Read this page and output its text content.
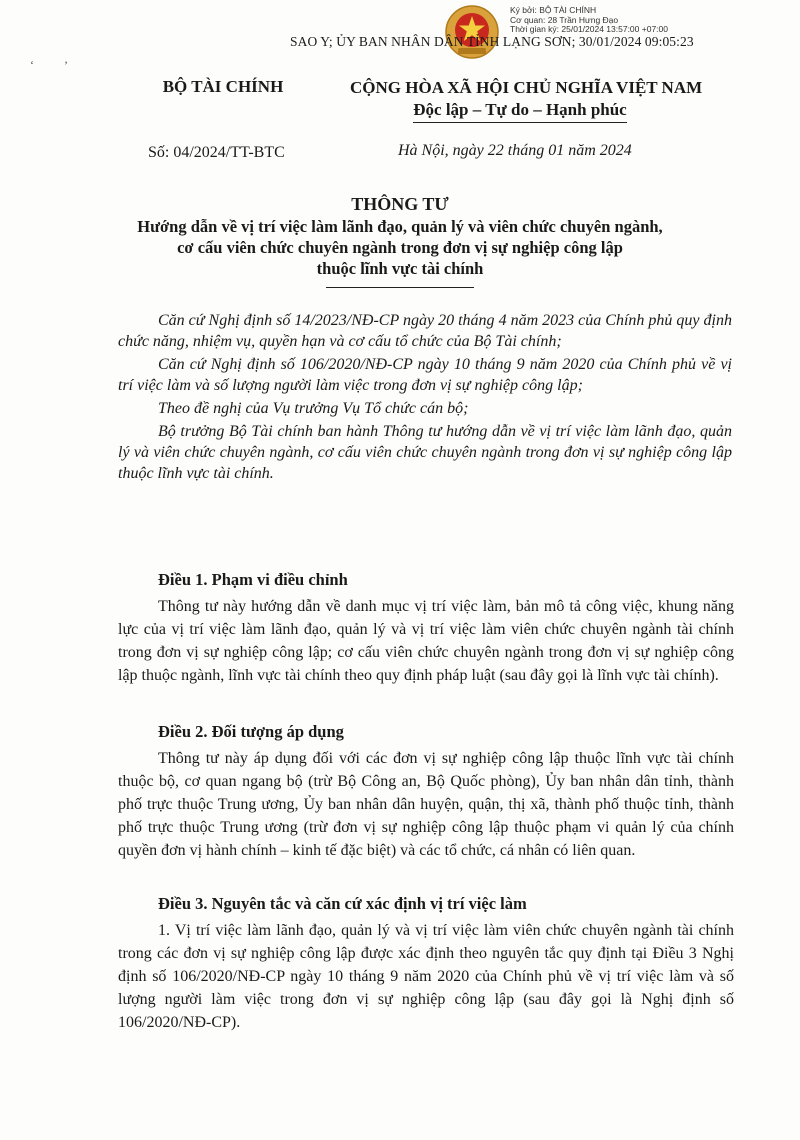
Ký bởi: BỘ TÀI CHÍNH
Cơ quan: 28 Trần Hưng Đạo
Thời gian ký: 25/01/2024 13:57:00 +07:00
SAO Y; ỦY BAN NHÂN DÂN TỈNH LẠNG SƠN; 30/01/2024 09:05:23
‘          ’
BỘ TÀI CHÍNH	CỘNG HÒA XÃ HỘI CHỦ NGHĨA VIỆT NAM
Độc lập – Tự do – Hạnh phúc
Số: 04/2024/TT-BTC	Hà Nội, ngày 22 tháng 01 năm 2024
THÔNG TƯ
Hướng dẫn về vị trí việc làm lãnh đạo, quản lý và viên chức chuyên ngành,
cơ cấu viên chức chuyên ngành trong đơn vị sự nghiệp công lập
thuộc lĩnh vực tài chính

Căn cứ Nghị định số 14/2023/NĐ-CP ngày 20 tháng 4 năm 2023 của Chính phủ quy định chức năng, nhiệm vụ, quyền hạn và cơ cấu tổ chức của Bộ Tài chính;

Căn cứ Nghị định số 106/2020/NĐ-CP ngày 10 tháng 9 năm 2020 của Chính phủ về vị trí việc làm và số lượng người làm việc trong đơn vị sự nghiệp công lập;

Theo đề nghị của Vụ trưởng Vụ Tổ chức cán bộ;

Bộ trưởng Bộ Tài chính ban hành Thông tư hướng dẫn về vị trí việc làm lãnh đạo, quản lý và viên chức chuyên ngành, cơ cấu viên chức chuyên ngành trong đơn vị sự nghiệp công lập thuộc lĩnh vực tài chính.

Điều 1. Phạm vi điều chỉnh

Thông tư này hướng dẫn về danh mục vị trí việc làm, bản mô tả công việc, khung năng lực của vị trí việc làm lãnh đạo, quản lý và vị trí việc làm viên chức chuyên ngành tài chính trong đơn vị sự nghiệp công lập; cơ cấu viên chức chuyên ngành trong đơn vị sự nghiệp công lập thuộc ngành, lĩnh vực tài chính theo quy định pháp luật (sau đây gọi là lĩnh vực tài chính).

Điều 2. Đối tượng áp dụng

Thông tư này áp dụng đối với các đơn vị sự nghiệp công lập thuộc lĩnh vực tài chính thuộc bộ, cơ quan ngang bộ (trừ Bộ Công an, Bộ Quốc phòng), Ủy ban nhân dân tỉnh, thành phố trực thuộc Trung ương, Ủy ban nhân dân huyện, quận, thị xã, thành phố thuộc tỉnh, thành phố trực thuộc Trung ương (trừ đơn vị sự nghiệp công lập thuộc phạm vi quản lý của chính quyền đơn vị hành chính – kinh tế đặc biệt) và các tổ chức, cá nhân có liên quan.

Điều 3. Nguyên tắc và căn cứ xác định vị trí việc làm

1. Vị trí việc làm lãnh đạo, quản lý và vị trí việc làm viên chức chuyên ngành tài chính trong các đơn vị sự nghiệp công lập được xác định theo nguyên tắc quy định tại Điều 3 Nghị định số 106/2020/NĐ-CP ngày 10 tháng 9 năm 2020 của Chính phủ về vị trí việc làm và số lượng người làm việc trong đơn vị sự nghiệp công lập (sau đây gọi là Nghị định số 106/2020/NĐ-CP).
